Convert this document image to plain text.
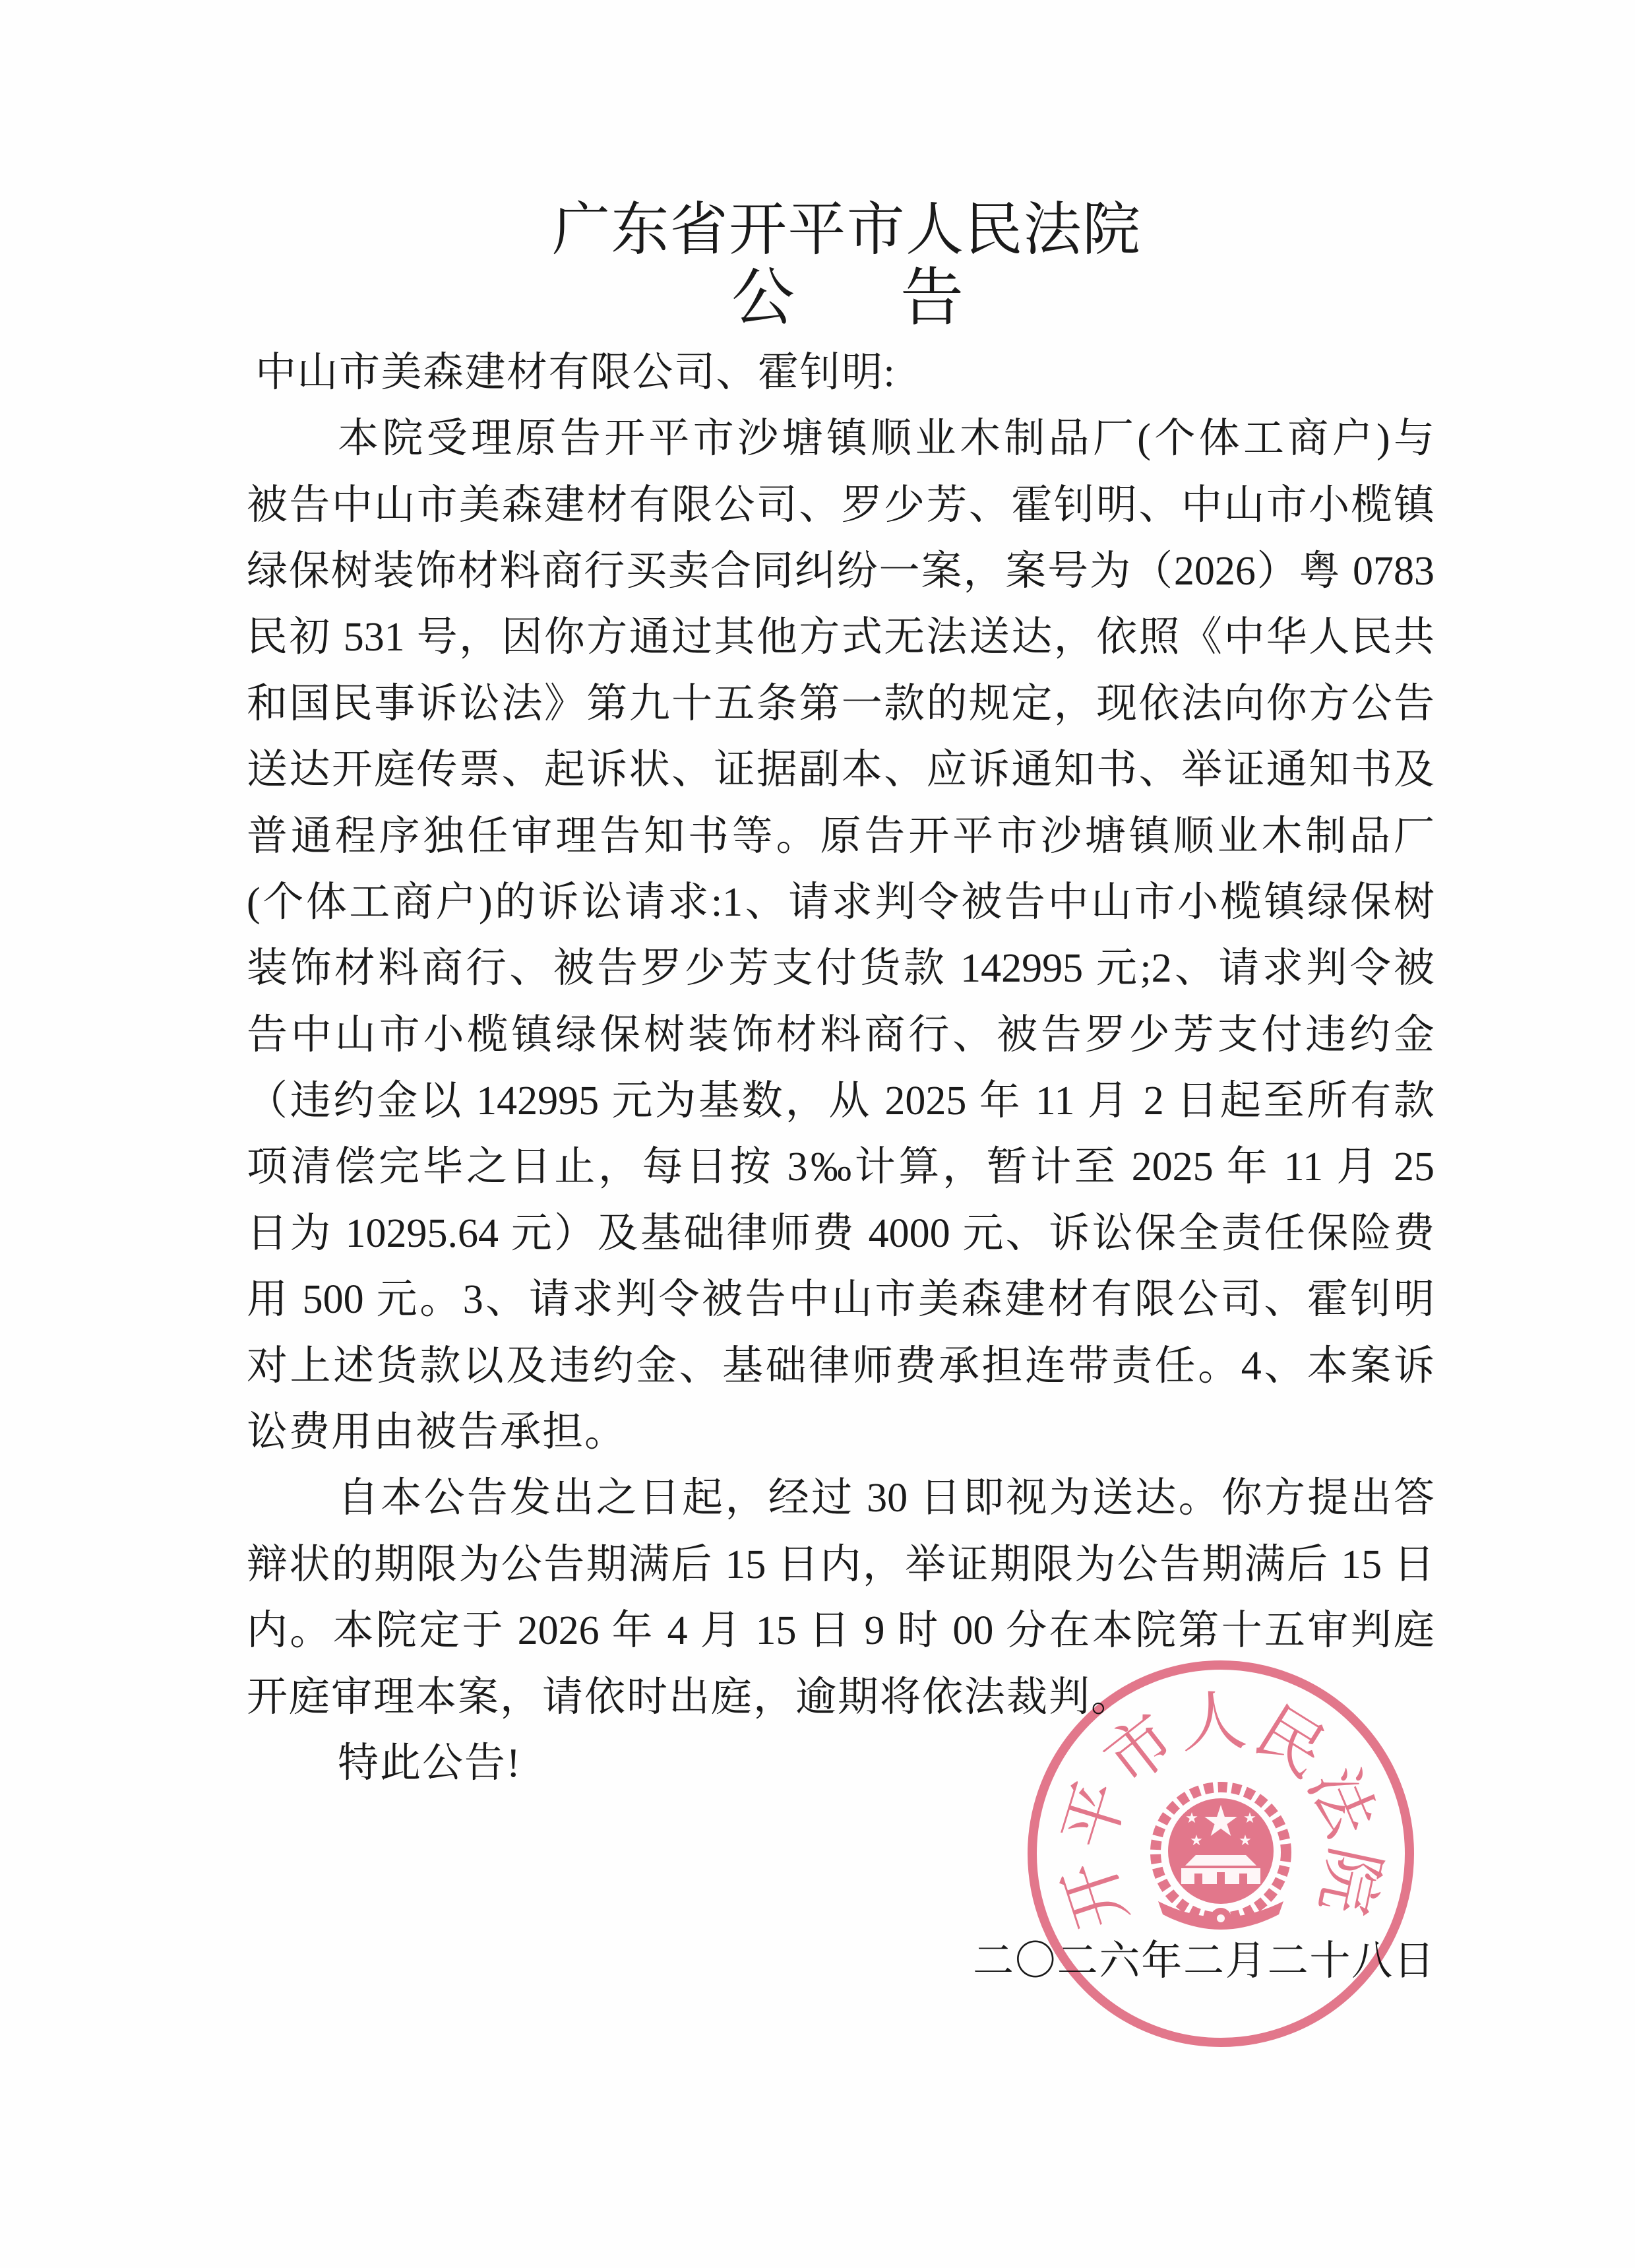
广东省开平市人民法院
公 告
中山市美森建材有限公司、霍钊明:
本院受理原告开平市沙塘镇顺业木制品厂(个体工商户)与
被告中山市美森建材有限公司、罗少芳、霍钊明、中山市小榄镇
绿保树装饰材料商行买卖合同纠纷一案，案号为（2026）粤 0783
民初 531 号，因你方通过其他方式无法送达，依照《中华人民共
和国民事诉讼法》第九十五条第一款的规定，现依法向你方公告
送达开庭传票、起诉状、证据副本、应诉通知书、举证通知书及
普通程序独任审理告知书等。原告开平市沙塘镇顺业木制品厂
(个体工商户)的诉讼请求:1、请求判令被告中山市小榄镇绿保树
装饰材料商行、被告罗少芳支付货款 142995 元;2、请求判令被
告中山市小榄镇绿保树装饰材料商行、被告罗少芳支付违约金
（违约金以 142995 元为基数，从 2025 年 11 月 2 日起至所有款
项清偿完毕之日止，每日按 3‰计算，暂计至 2025 年 11 月 25
日为 10295.64 元）及基础律师费 4000 元、诉讼保全责任保险费
用 500 元。3、请求判令被告中山市美森建材有限公司、霍钊明
对上述货款以及违约金、基础律师费承担连带责任。4、本案诉
讼费用由被告承担。
自本公告发出之日起，经过 30 日即视为送达。你方提出答
辩状的期限为公告期满后 15 日内，举证期限为公告期满后 15 日
内。本院定于 2026 年 4 月 15 日 9 时 00 分在本院第十五审判庭
开庭审理本案，请依时出庭，逾期将依法裁判。
特此公告!
二〇二六年二月二十八日
开
平
市
人
民
法
院
